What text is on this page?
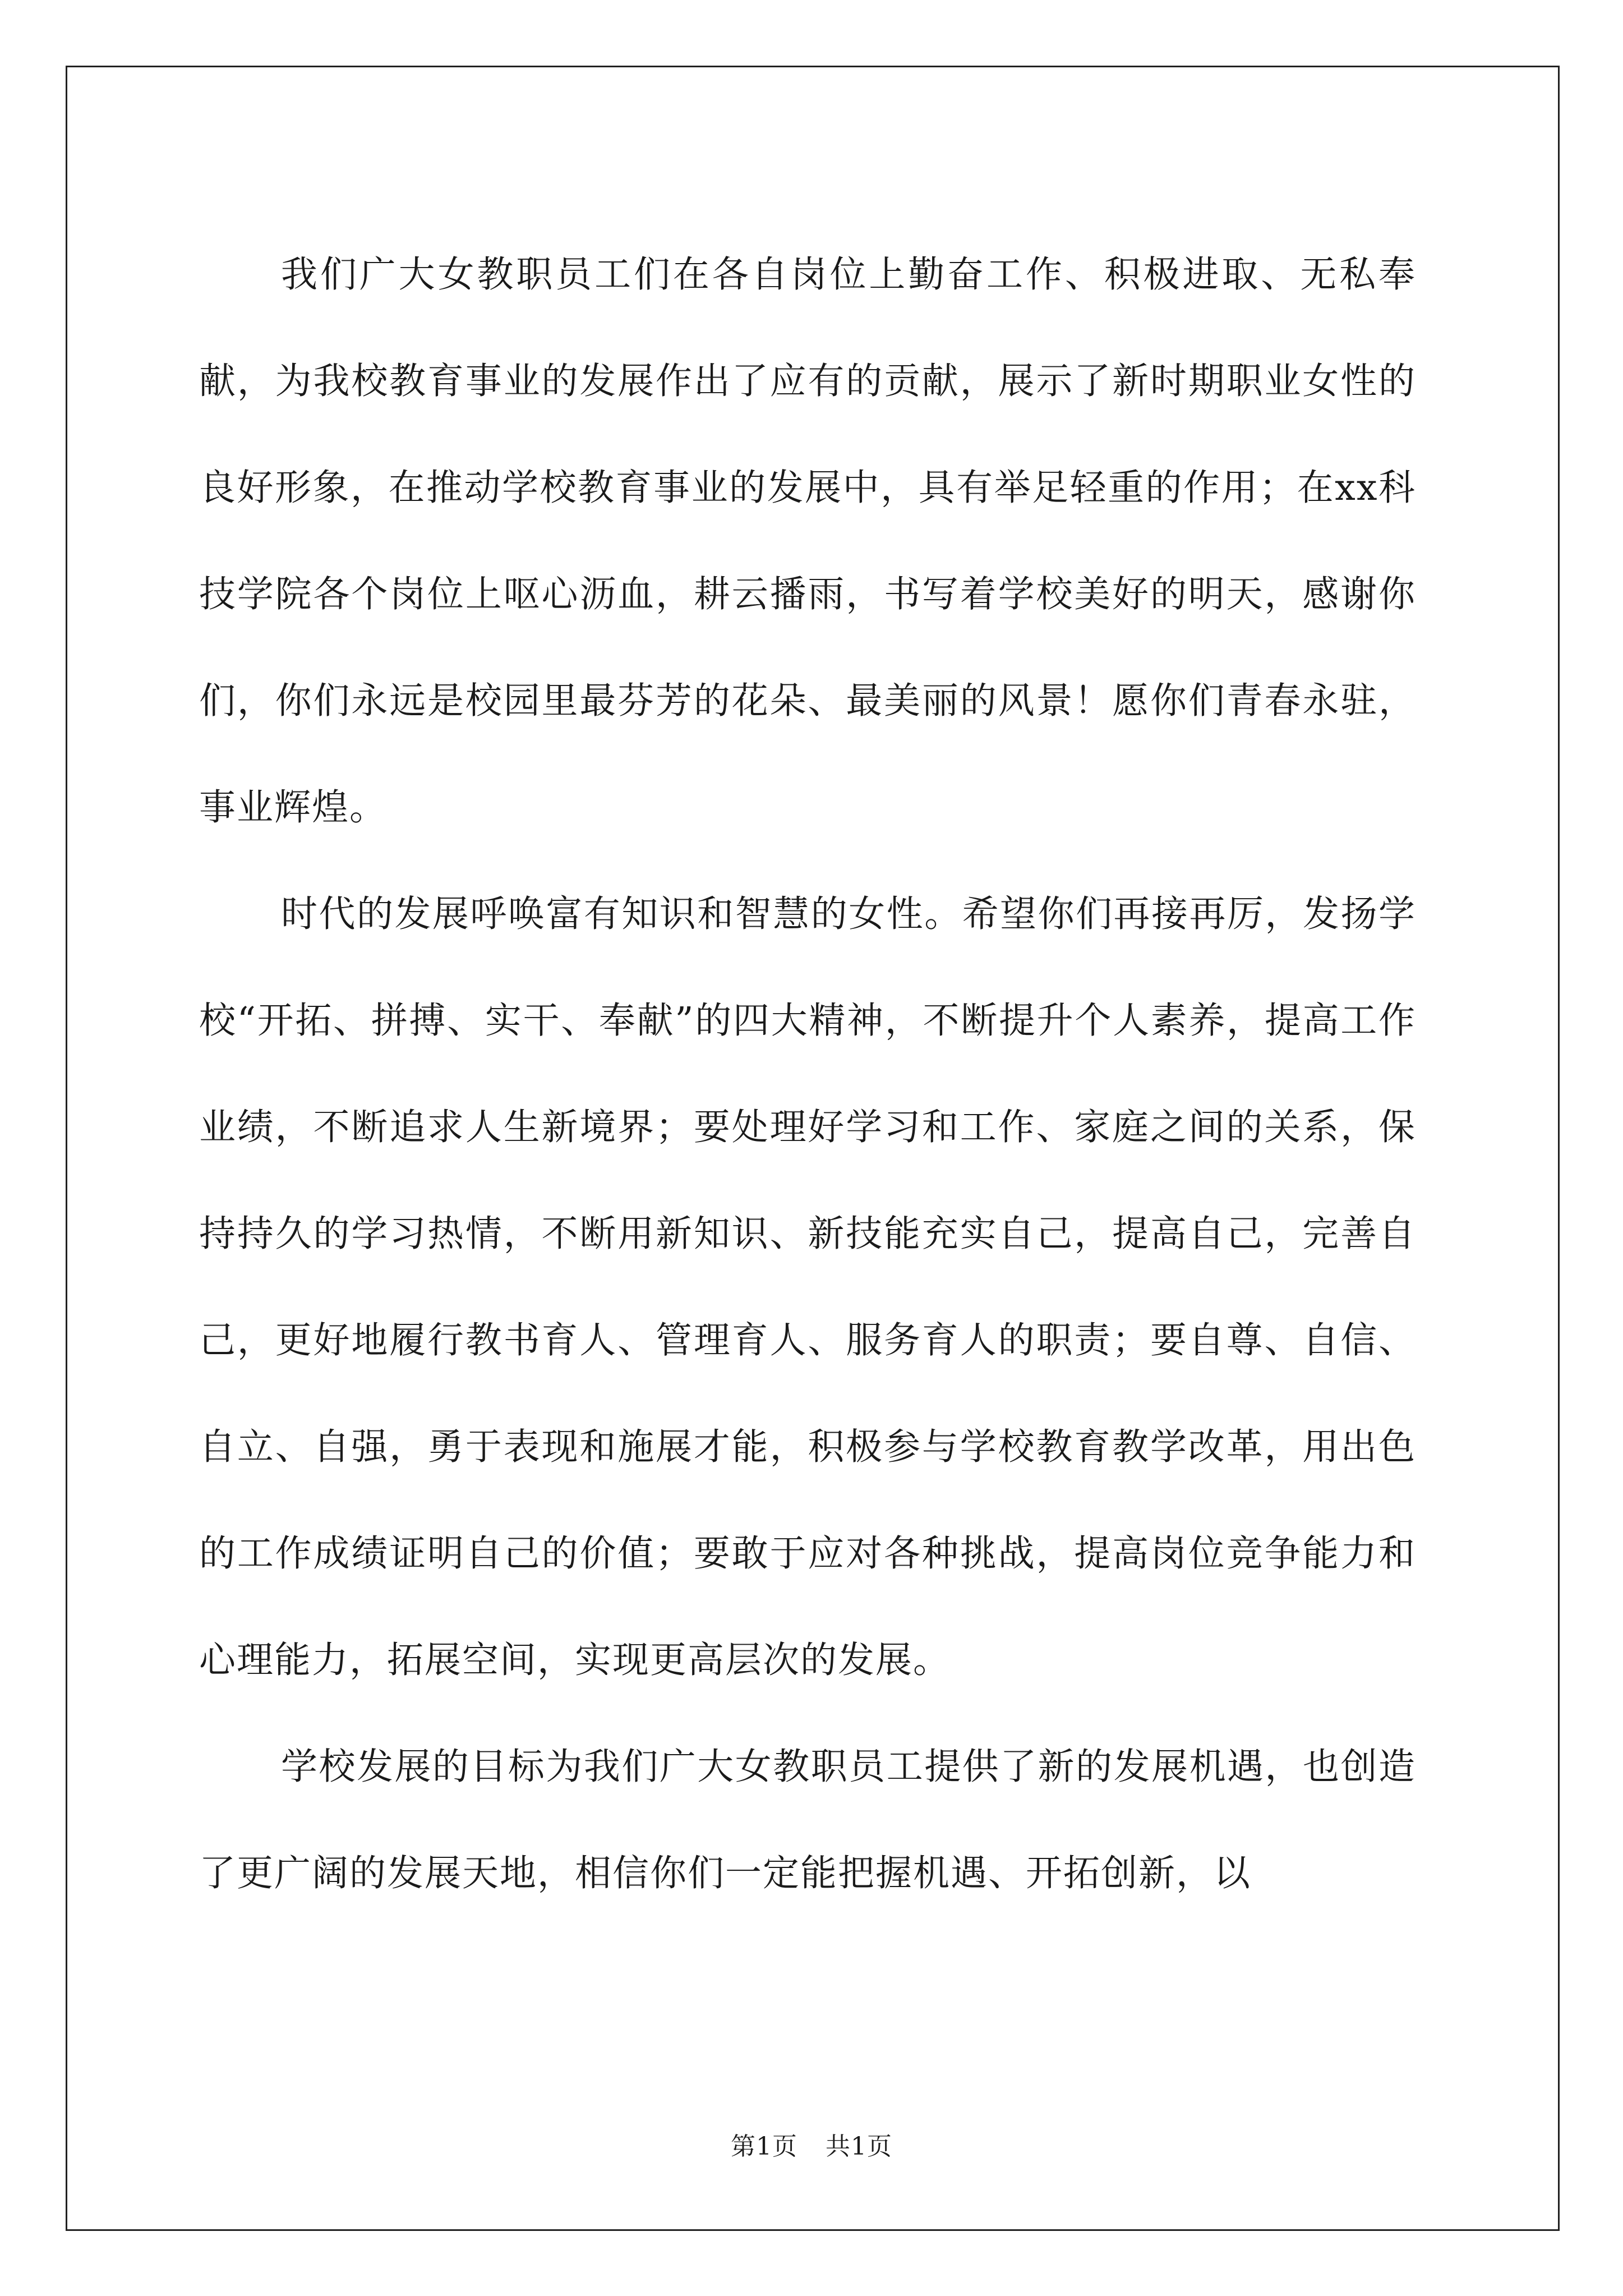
我们广大女教职员工们在各自岗位上勤奋工作、积极进取、无私奉献，为我校教育事业的发展作出了应有的贡献，展示了新时期职业女性的良好形象，在推动学校教育事业的发展中，具有举足轻重的作用；在xx科技学院各个岗位上呕心沥血，耕云播雨，书写着学校美好的明天，感谢你们，你们永远是校园里最芬芳的花朵、最美丽的风景！愿你们青春永驻，事业辉煌。

时代的发展呼唤富有知识和智慧的女性。希望你们再接再厉，发扬学校“开拓、拼搏、实干、奉献”的四大精神，不断提升个人素养，提高工作业绩，不断追求人生新境界；要处理好学习和工作、家庭之间的关系，保持持久的学习热情，不断用新知识、新技能充实自己，提高自己，完善自己，更好地履行教书育人、管理育人、服务育人的职责；要自尊、自信、自立、自强，勇于表现和施展才能，积极参与学校教育教学改革，用出色的工作成绩证明自己的价值；要敢于应对各种挑战，提高岗位竞争能力和心理能力，拓展空间，实现更高层次的发展。

学校发展的目标为我们广大女教职员工提供了新的发展机遇，也创造了更广阔的发展天地，相信你们一定能把握机遇、开拓创新，以

第1页 共1页
